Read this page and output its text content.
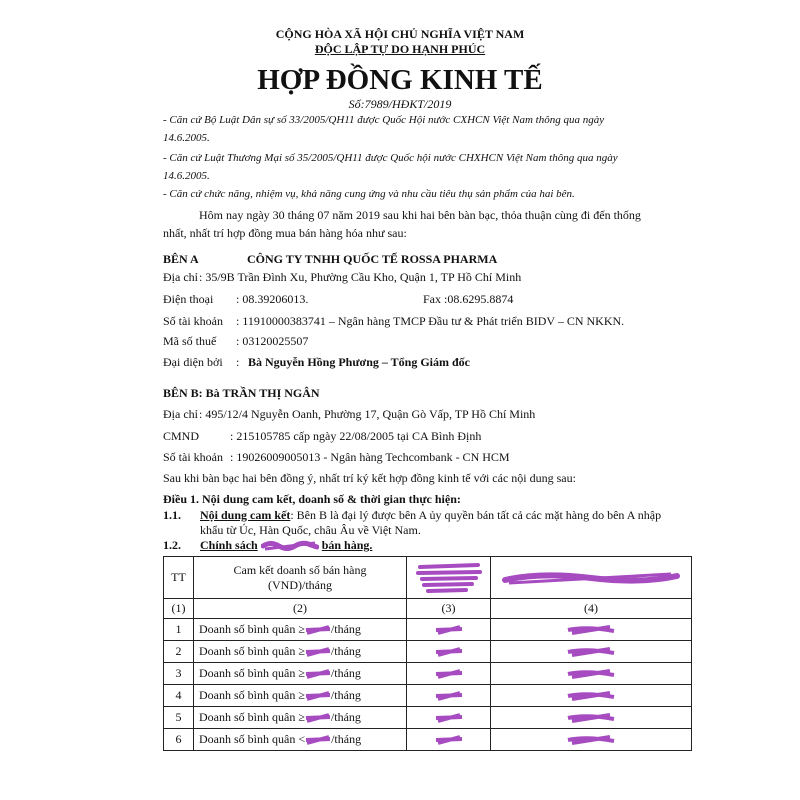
CỘNG HÒA XÃ HỘI CHỦ NGHĨA VIỆT NAM
ĐỘC LẬP TỰ DO HẠNH PHÚC
HỢP ĐỒNG KINH TẾ
Số:7989/HĐKT/2019
- Căn cứ Bộ Luật Dân sự số 33/2005/QH11 được Quốc Hội nước CXHCN Việt Nam thông qua ngày
14.6.2005.
- Căn cứ Luật Thương Mại số 35/2005/QH11 được Quốc hội nước CHXHCN Việt Nam thông qua ngày
14.6.2005.
- Căn cứ chức năng, nhiệm vụ, khả năng cung ứng và nhu cầu tiêu thụ sản phẩm của hai bên.
Hôm nay ngày 30 tháng 07 năm 2019 sau khi hai bên bàn bạc, thỏa thuận cùng đi đến thống
nhất, nhất trí hợp đồng mua bán hàng hóa như sau:
BÊN A	CÔNG TY TNHH QUỐC TẾ ROSSA PHARMA
Địa chỉ : 35/9B Trần Đình Xu, Phường Cầu Kho, Quận 1, TP Hồ Chí Minh
Điện thoại : 08.39206013.	Fax :08.6295.8874
Số tài khoản : 11910000383741 – Ngân hàng TMCP Đầu tư & Phát triển BIDV – CN NKKN.
Mã số thuế : 03120025507
Đại diện bởi : Bà Nguyễn Hồng Phương – Tổng Giám đốc
BÊN B: Bà TRẦN THỊ NGÂN
Địa chỉ : 495/12/4 Nguyễn Oanh, Phường 17, Quận Gò Vấp, TP Hồ Chí Minh
CMND	: 215105785 cấp ngày 22/08/2005 tại CA Bình Định
Số tài khoản : 19026009005013 - Ngân hàng Techcombank - CN HCM
Sau khi bàn bạc hai bên đồng ý, nhất trí ký kết hợp đồng kinh tế với các nội dung sau:
Điều 1. Nội dung cam kết, doanh số & thời gian thực hiện:
1.1. Nội dung cam kết: Bên B là đại lý được bên A ủy quyền bán tất cả các mặt hàng do bên A nhập
khẩu từ Úc, Hàn Quốc, châu Âu về Việt Nam.
1.2. Chính sách	bán hàng.
TT	Cam kết doanh số bán hàng
(VND)/tháng

(1)	(2)	(3)	(4)
1	Doanh số bình quân ≥ /tháng	

2	Doanh số bình quân ≥ /tháng	

3	Doanh số bình quân ≥ /tháng	

4	Doanh số bình quân ≥ /tháng	

5	Doanh số bình quân ≥ /tháng	

6	Doanh số bình quân < /tháng	
